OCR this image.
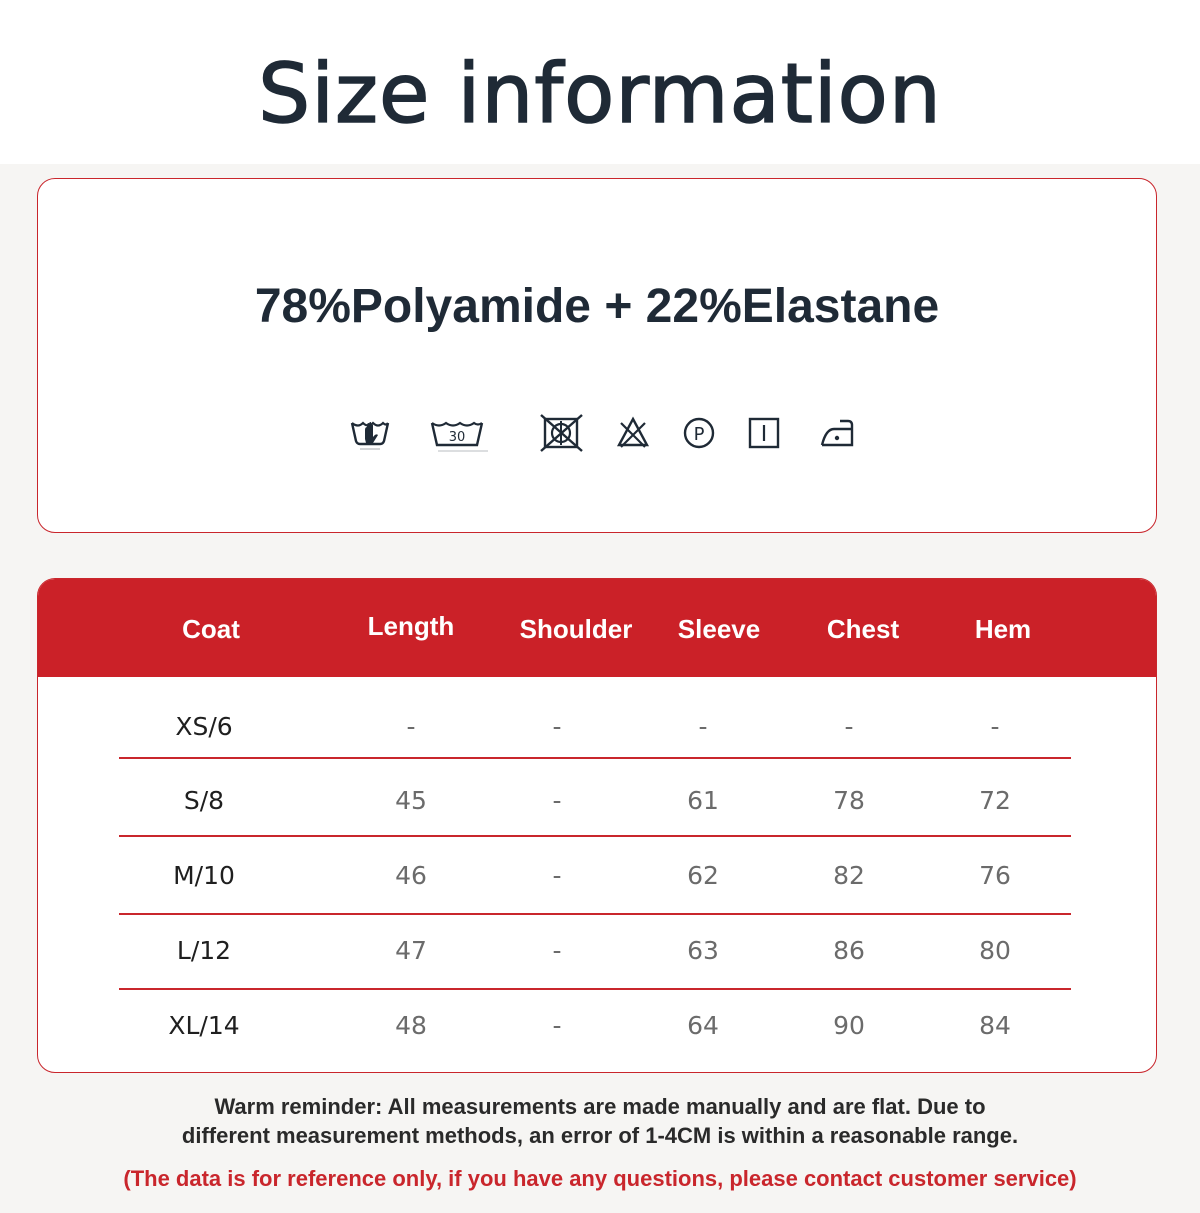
Size information
78%Polyamide + 22%Elastane
30	P
Coat	Length	Shoulder	Sleeve	Chest	Hem
XS/6	-	-	-	-	-
S/8	45	-	61	78	72
M/10	46	-	62	82	76
L/12	47	-	63	86	80
XL/14	48	-	64	90	84
Warm reminder: All measurements are made manually and are flat. Due to
different measurement methods, an error of 1-4CM is within a reasonable range.
(The data is for reference only, if you have any questions, please contact customer service)
